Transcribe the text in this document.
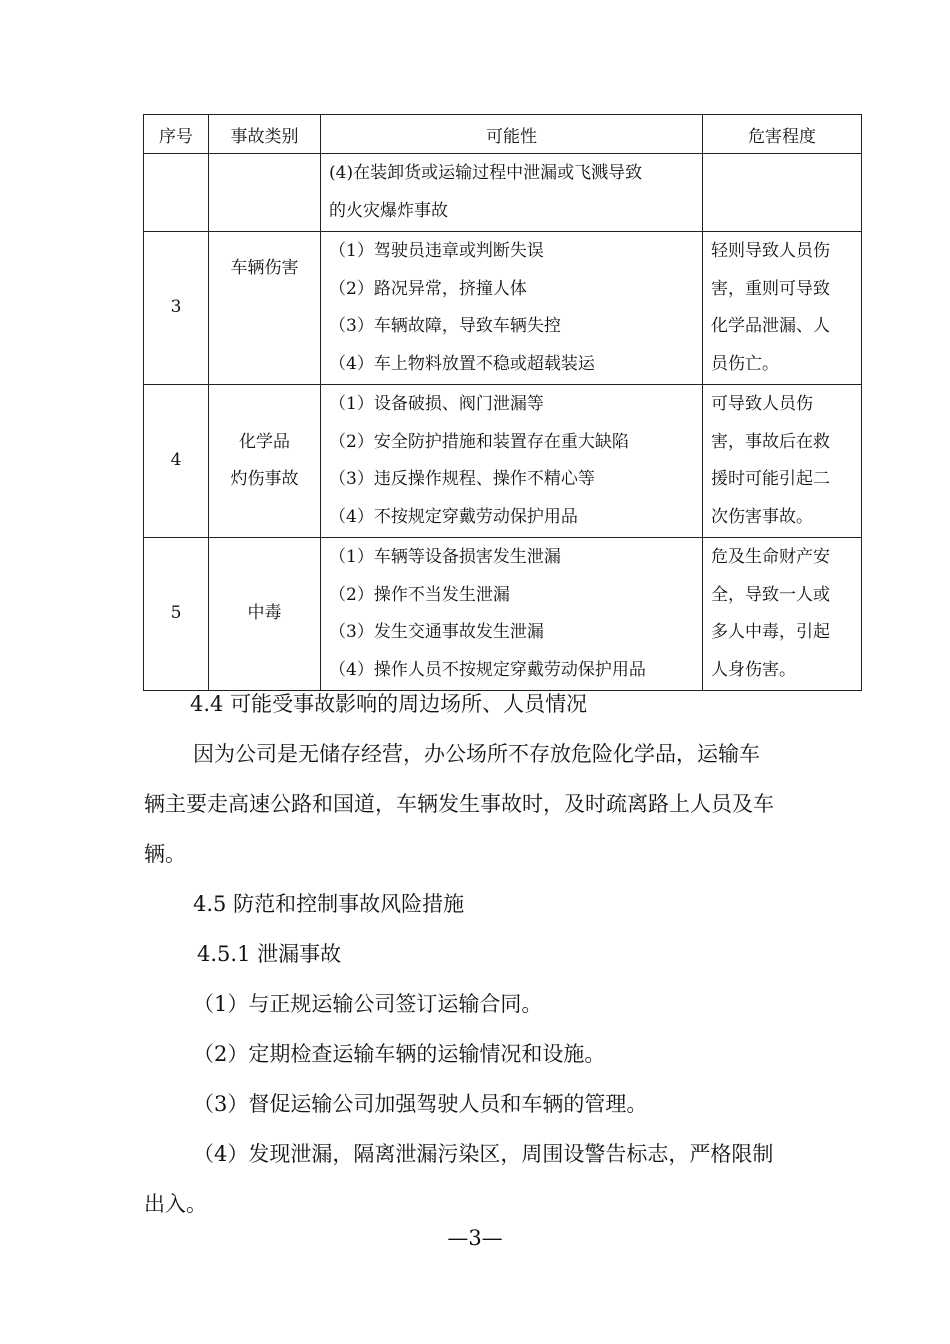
序号	事故类别	可能性	危害程度

		(4)在装卸货或运输过程中泄漏或飞溅导致
的火灾爆炸事故	

3	车辆伤害	（1）驾驶员违章或判断失误
（2）路况异常，挤撞人体
（3）车辆故障，导致车辆失控
（4）车上物料放置不稳或超载装运	轻则导致人员伤
害，重则可导致
化学品泄漏、人
员伤亡。

4	化学品
灼伤事故	（1）设备破损、阀门泄漏等
（2）安全防护措施和装置存在重大缺陷
（3）违反操作规程、操作不精心等
（4）不按规定穿戴劳动保护用品	可导致人员伤
害，事故后在救
援时可能引起二
次伤害事故。

5	中毒	（1）车辆等设备损害发生泄漏
（2）操作不当发生泄漏
（3）发生交通事故发生泄漏
（4）操作人员不按规定穿戴劳动保护用品	危及生命财产安
全，导致一人或
多人中毒，引起
人身伤害。
4.4 可能受事故影响的周边场所、人员情况
因为公司是无储存经营，办公场所不存放危险化学品，运输车
辆主要走高速公路和国道，车辆发生事故时，及时疏离路上人员及车
辆。
4.5 防范和控制事故风险措施
4.5.1 泄漏事故
（1）与正规运输公司签订运输合同。
（2）定期检查运输车辆的运输情况和设施。
（3）督促运输公司加强驾驶人员和车辆的管理。
（4）发现泄漏，隔离泄漏污染区，周围设警告标志，严格限制
出入。
—3—
